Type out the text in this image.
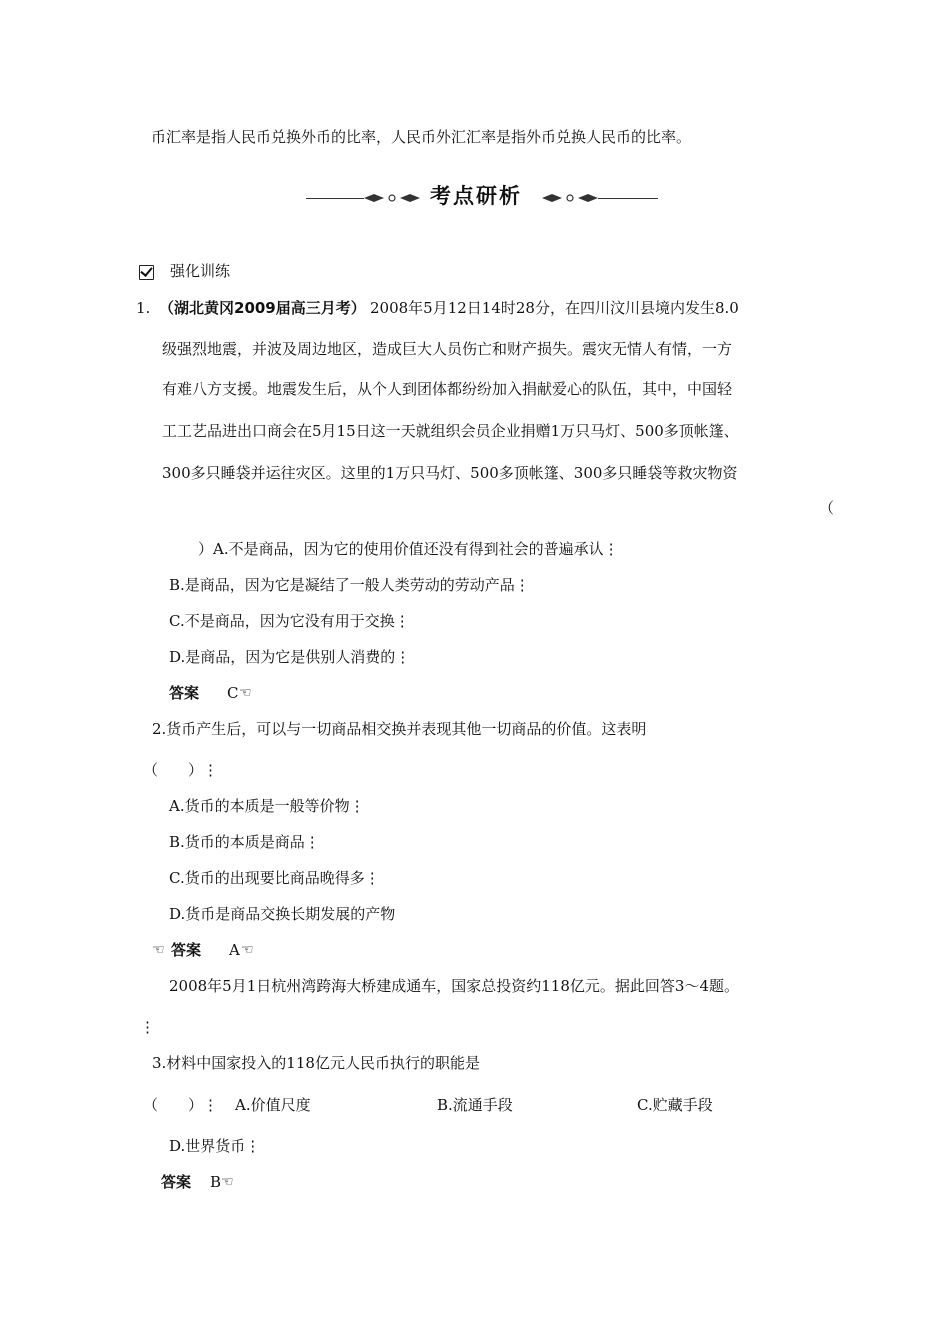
币汇率是指人民币兑换外币的比率，人民币外汇汇率是指外币兑换人民币的比率。
考点研析
强化训练
1. （湖北黄冈2009届高三月考） 2008年5月12日14时28分，在四川汶川县境内发生8.0
级强烈地震，并波及周边地区，造成巨大人员伤亡和财产损失。震灾无情人有情，一方
有难八方支援。地震发生后，从个人到团体都纷纷加入捐献爱心的队伍，其中，中国轻
工工艺品进出口商会在5月15日这一天就组织会员企业捐赠1万只马灯、500多顶帐篷、
300多只睡袋并运往灾区。这里的1万只马灯、500多顶帐篷、300多只睡袋等救灾物资
（
）A.不是商品，因为它的使用价值还没有得到社会的普遍承认⋮
B.是商品，因为它是凝结了一般人类劳动的劳动产品⋮
C.不是商品，因为它没有用于交换⋮
D.是商品，因为它是供别人消费的⋮
答案 C ☜
2.货币产生后，可以与一切商品相交换并表现其他一切商品的价值。这表明
（　　）⋮
A.货币的本质是一般等价物⋮
B.货币的本质是商品⋮
C.货币的出现要比商品晚得多⋮
D.货币是商品交换长期发展的产物
☜ 答案 A ☜
2008年5月1日杭州湾跨海大桥建成通车，国家总投资约118亿元。据此回答3～4题。
⋮
3.材料中国家投入的118亿元人民币执行的职能是
（　　）⋮ A.价值尺度	B.流通手段	C.贮藏手段
D.世界货币⋮
答案 B ☜
